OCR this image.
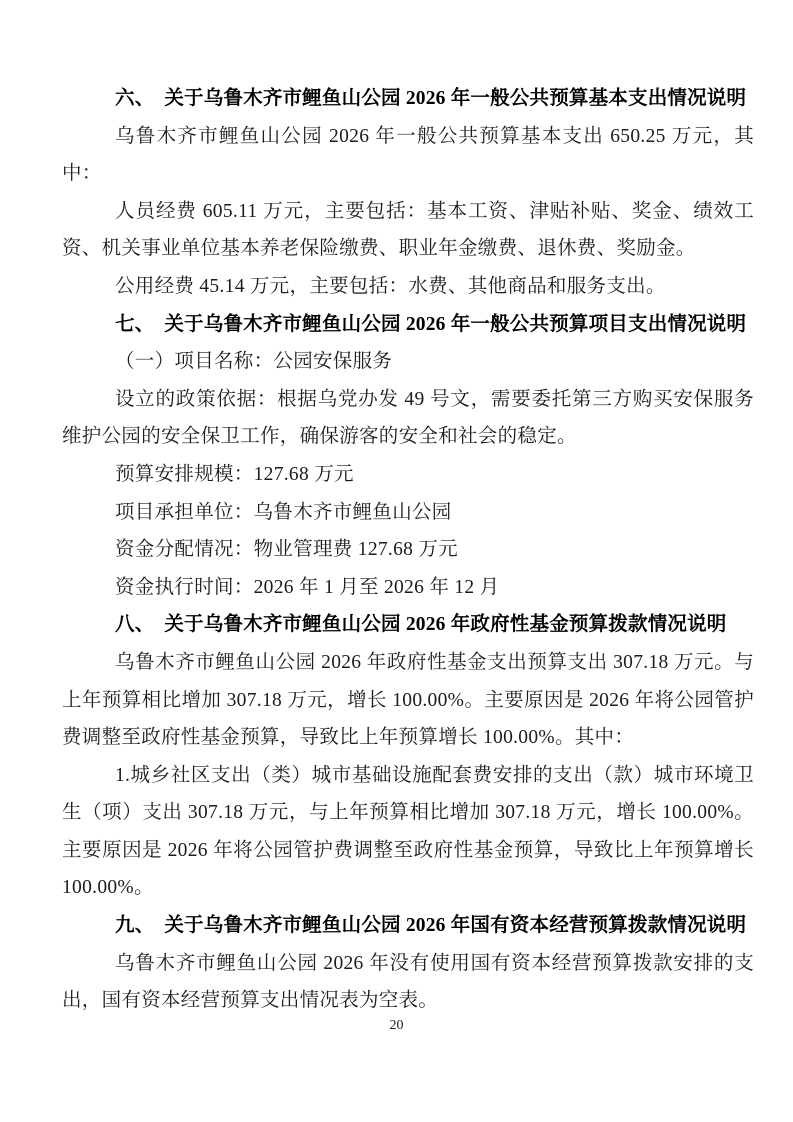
六、　关于乌鲁木齐市鲤鱼山公园 2026 年一般公共预算基本支出情况说明

乌鲁木齐市鲤鱼山公园 2026 年一般公共预算基本支出 650.25 万元，其中：

人员经费 605.11 万元，主要包括：基本工资、津贴补贴、奖金、绩效工资、机关事业单位基本养老保险缴费、职业年金缴费、退休费、奖励金。

公用经费 45.14 万元，主要包括：水费、其他商品和服务支出。

七、　关于乌鲁木齐市鲤鱼山公园 2026 年一般公共预算项目支出情况说明

（一）项目名称：公园安保服务

设立的政策依据：根据乌党办发 49 号文，需要委托第三方购买安保服务维护公园的安全保卫工作，确保游客的安全和社会的稳定。

预算安排规模：127.68 万元

项目承担单位：乌鲁木齐市鲤鱼山公园

资金分配情况：物业管理费 127.68 万元

资金执行时间：2026 年 1 月至 2026 年 12 月

八、　关于乌鲁木齐市鲤鱼山公园 2026 年政府性基金预算拨款情况说明

乌鲁木齐市鲤鱼山公园 2026 年政府性基金支出预算支出 307.18 万元。与上年预算相比增加 307.18 万元，增长 100.00%。主要原因是 2026 年将公园管护费调整至政府性基金预算，导致比上年预算增长 100.00%。其中：

1.城乡社区支出（类）城市基础设施配套费安排的支出（款）城市环境卫生（项）支出 307.18 万元，与上年预算相比增加 307.18 万元，增长 100.00%。主要原因是 2026 年将公园管护费调整至政府性基金预算，导致比上年预算增长 100.00%。

九、　关于乌鲁木齐市鲤鱼山公园 2026 年国有资本经营预算拨款情况说明

乌鲁木齐市鲤鱼山公园 2026 年没有使用国有资本经营预算拨款安排的支出，国有资本经营预算支出情况表为空表。

20
